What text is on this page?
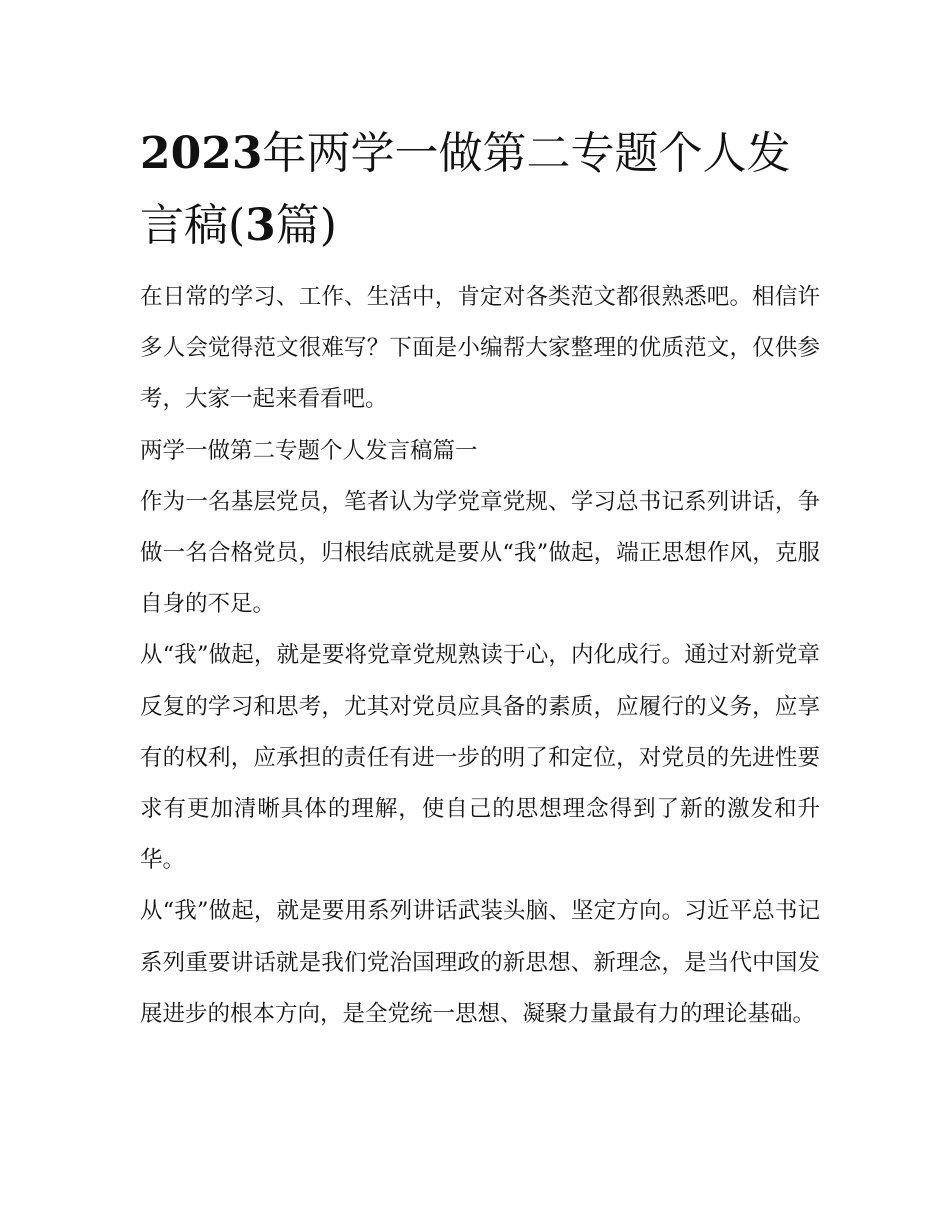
2023年两学一做第二专题个人发言稿(3篇)

在日常的学习、工作、生活中，肯定对各类范文都很熟悉吧。相信许多人会觉得范文很难写？下面是小编帮大家整理的优质范文，仅供参考，大家一起来看看吧。

两学一做第二专题个人发言稿篇一

作为一名基层党员，笔者认为学党章党规、学习总书记系列讲话，争做一名合格党员，归根结底就是要从“我”做起，端正思想作风，克服自身的不足。

从“我”做起，就是要将党章党规熟读于心，内化成行。通过对新党章反复的学习和思考，尤其对党员应具备的素质，应履行的义务，应享有的权利，应承担的责任有进一步的明了和定位，对党员的先进性要求有更加清晰具体的理解，使自己的思想理念得到了新的激发和升华。

从“我”做起，就是要用系列讲话武装头脑、坚定方向。习近平总书记系列重要讲话就是我们党治国理政的新思想、新理念，是当代中国发展进步的根本方向，是全党统一思想、凝聚力量最有力的理论基础。
